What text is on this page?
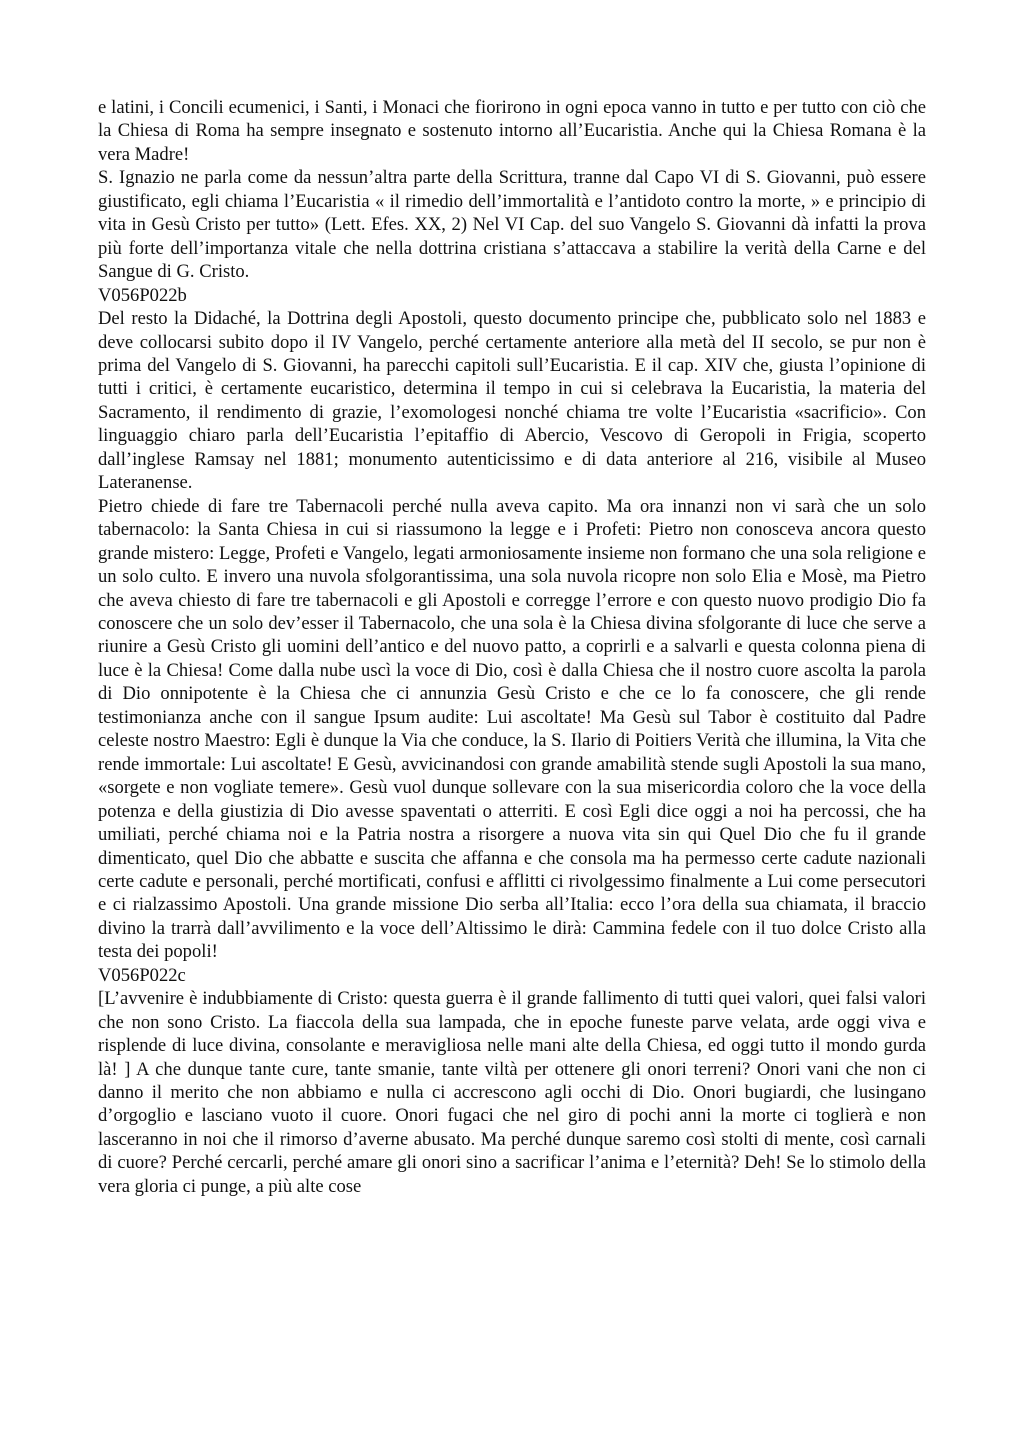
e latini, i Concili ecumenici, i Santi, i Monaci che fiorirono in ogni epoca vanno in tutto e per tutto con ciò che la Chiesa di Roma ha sempre insegnato e sostenuto intorno all’Eucaristia. Anche qui la Chiesa Romana è la vera Madre!

S. Ignazio ne parla come da nessun’altra parte della Scrittura, tranne dal Capo VI di S. Giovanni, può essere giustificato, egli chiama l’Eucaristia « il rimedio dell’immortalità e l’antidoto contro la morte, » e principio di vita in Gesù Cristo per tutto» (Lett. Efes. XX, 2) Nel VI Cap. del suo Vangelo S. Giovanni dà infatti la prova più forte dell’importanza vitale che nella dottrina cristiana s’attaccava a stabilire la verità della Carne e del Sangue di G. Cristo.

V056P022b

Del resto la Didaché, la Dottrina degli Apostoli, questo documento principe che, pubblicato solo nel 1883 e deve collocarsi subito dopo il IV Vangelo, perché certamente anteriore alla metà del II secolo, se pur non è prima del Vangelo di S. Giovanni, ha parecchi capitoli sull’Eucaristia. E il cap. XIV che, giusta l’opinione di tutti i critici, è certamente eucaristico, determina il tempo in cui si celebrava la Eucaristia, la materia del Sacramento, il rendimento di grazie, l’exomologesi nonché chiama tre volte l’Eucaristia «sacrificio». Con linguaggio chiaro parla dell’Eucaristia l’epitaffio di Abercio, Vescovo di Geropoli in Frigia, scoperto dall’inglese Ramsay nel 1881; monumento autenticissimo e di data anteriore al 216, visibile al Museo Lateranense.

Pietro chiede di fare tre Tabernacoli perché nulla aveva capito. Ma ora innanzi non vi sarà che un solo tabernacolo: la Santa Chiesa in cui si riassumono la legge e i Profeti: Pietro non conosceva ancora questo grande mistero: Legge, Profeti e Vangelo, legati armoniosamente insieme non formano che una sola religione e un solo culto. E invero una nuvola sfolgorantissima, una sola nuvola ricopre non solo Elia e Mosè, ma Pietro che aveva chiesto di fare tre tabernacoli e gli Apostoli e corregge l’errore e con questo nuovo prodigio Dio fa conoscere che un solo dev’esser il Tabernacolo, che una sola è la Chiesa divina sfolgorante di luce che serve a riunire a Gesù Cristo gli uomini dell’antico e del nuovo patto, a coprirli e a salvarli e questa colonna piena di luce è la Chiesa! Come dalla nube uscì la voce di Dio, così è dalla Chiesa che il nostro cuore ascolta la parola di Dio onnipotente è la Chiesa che ci annunzia Gesù Cristo e che ce lo fa conoscere, che gli rende testimonianza anche con il sangue Ipsum audite: Lui ascoltate! Ma Gesù sul Tabor è costituito dal Padre celeste nostro Maestro: Egli è dunque la Via che conduce, la S. Ilario di Poitiers Verità che illumina, la Vita che rende immortale: Lui ascoltate! E Gesù, avvicinandosi con grande amabilità stende sugli Apostoli la sua mano, «sorgete e non vogliate temere». Gesù vuol dunque sollevare con la sua misericordia coloro che la voce della potenza e della giustizia di Dio avesse spaventati o atterriti. E così Egli dice oggi a noi ha percossi, che ha umiliati, perché chiama noi e la Patria nostra a risorgere a nuova vita sin qui Quel Dio che fu il grande dimenticato, quel Dio che abbatte e suscita che affanna e che consola ma ha permesso certe cadute nazionali certe cadute e personali, perché mortificati, confusi e afflitti ci rivolgessimo finalmente a Lui come persecutori e ci rialzassimo Apostoli. Una grande missione Dio serba all’Italia: ecco l’ora della sua chiamata, il braccio divino la trarrà dall’avvilimento e la voce dell’Altissimo le dirà: Cammina fedele con il tuo dolce Cristo alla testa dei popoli!

V056P022c

[L’avvenire è indubbiamente di Cristo: questa guerra è il grande fallimento di tutti quei valori, quei falsi valori che non sono Cristo. La fiaccola della sua lampada, che in epoche funeste parve velata, arde oggi viva e risplende di luce divina, consolante e meravigliosa nelle mani alte della Chiesa, ed oggi tutto il mondo gurda là! ] A che dunque tante cure, tante smanie, tante viltà per ottenere gli onori terreni? Onori vani che non ci danno il merito che non abbiamo e nulla ci accrescono agli occhi di Dio. Onori bugiardi, che lusingano d’orgoglio e lasciano vuoto il cuore. Onori fugaci che nel giro di pochi anni la morte ci toglierà e non lasceranno in noi che il rimorso d’averne abusato. Ma perché dunque saremo così stolti di mente, così carnali di cuore? Perché cercarli, perché amare gli onori sino a sacrificar l’anima e l’eternità? Deh! Se lo stimolo della vera gloria ci punge, a più alte cose
